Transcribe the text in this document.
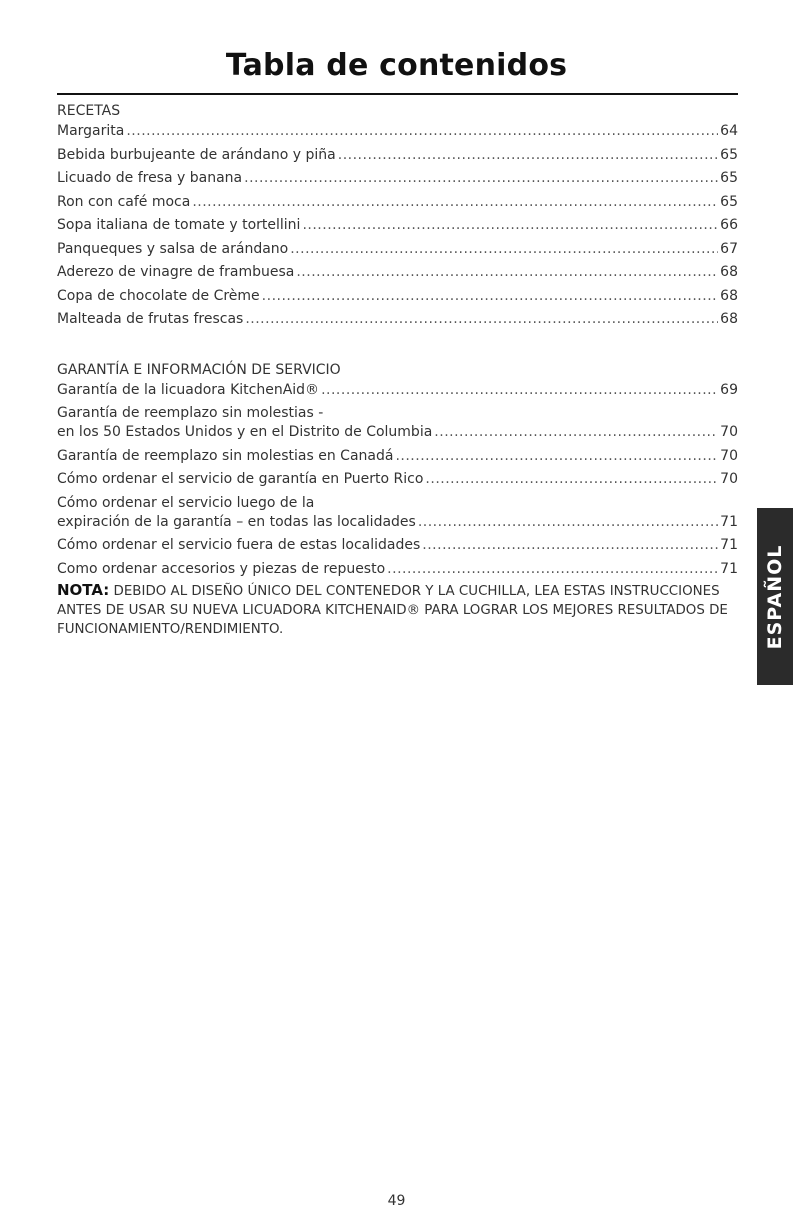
Tabla de contenidos
RECETAS
Margarita .....	64
Bebida burbujeante de arándano y piña .....	65
Licuado de fresa y banana .....	65
Ron con café moca .....	65
Sopa italiana de tomate y tortellini .....	66
Panqueques y salsa de arándano .....	67
Aderezo de vinagre de frambuesa .....	68
Copa de chocolate de Crème .....	68
Malteada de frutas frescas .....	68
GARANTÍA E INFORMACIÓN DE SERVICIO
Garantía de la licuadora KitchenAid® .....	69
Garantía de reemplazo sin molestias -
en los 50 Estados Unidos y en el Distrito de Columbia .....	70
Garantía de reemplazo sin molestias en Canadá .....	70
Cómo ordenar el servicio de garantía en Puerto Rico .....	70
Cómo ordenar el servicio luego de la
expiración de la garantía – en todas las localidades .....	71
Cómo ordenar el servicio fuera de estas localidades .....	71
Como ordenar accesorios y piezas de repuesto .....	71
NOTA: DEBIDO AL DISEÑO ÚNICO DEL CONTENEDOR Y LA CUCHILLA, LEA ESTAS INSTRUCCIONES ANTES DE USAR SU NUEVA LICUADORA KITCHENAID® PARA LOGRAR LOS MEJORES RESULTADOS DE FUNCIONAMIENTO/RENDIMIENTO.	ESPAÑOL
49
